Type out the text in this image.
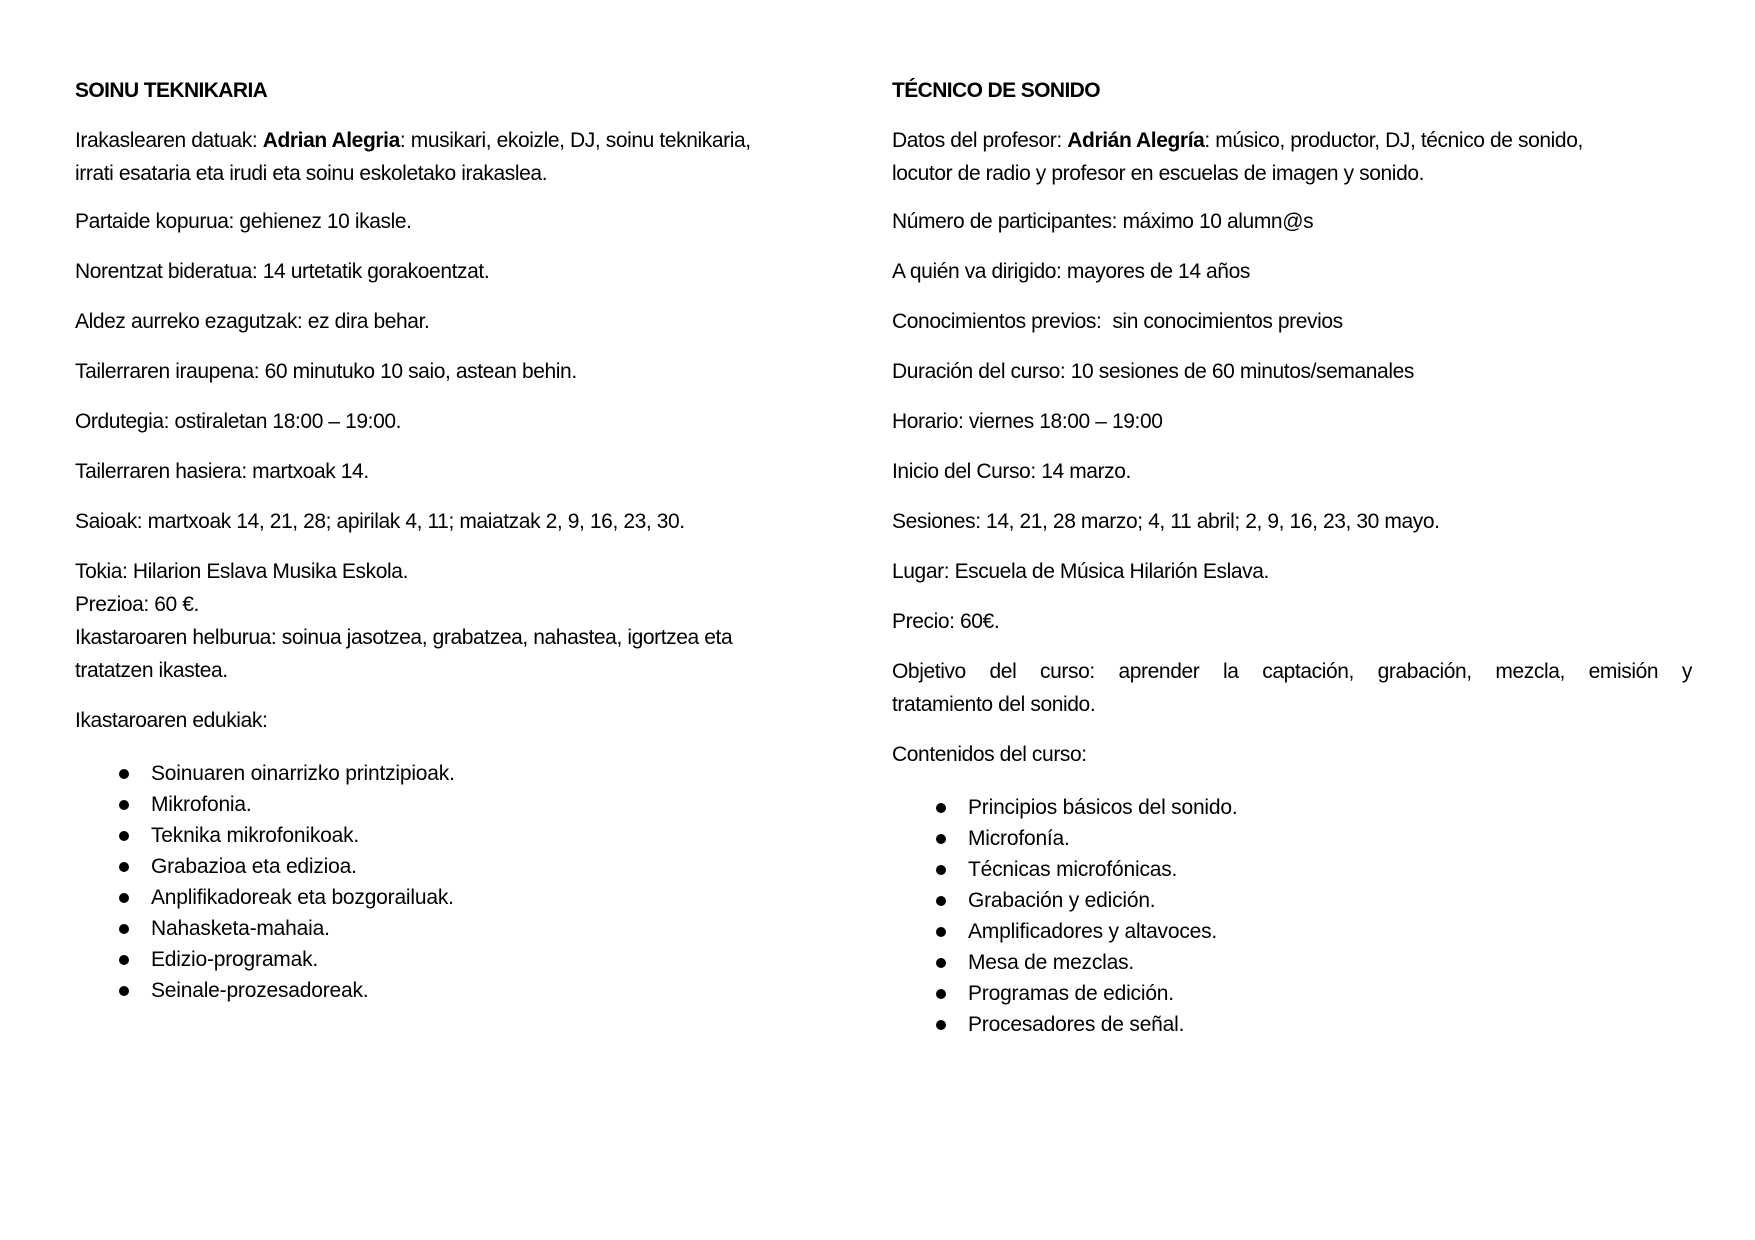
SOINU TEKNIKARIA
Irakaslearen datuak: Adrian Alegria: musikari, ekoizle, DJ, soinu teknikaria,
irrati esataria eta irudi eta soinu eskoletako irakaslea.
Partaide kopurua: gehienez 10 ikasle.
Norentzat bideratua: 14 urtetatik gorakoentzat.
Aldez aurreko ezagutzak: ez dira behar.
Tailerraren iraupena: 60 minutuko 10 saio, astean behin.
Ordutegia: ostiraletan 18:00 – 19:00.
Tailerraren hasiera: martxoak 14.
Saioak: martxoak 14, 21, 28; apirilak 4, 11; maiatzak 2, 9, 16, 23, 30.
Tokia: Hilarion Eslava Musika Eskola.
Prezioa: 60 €.
Ikastaroaren helburua: soinua jasotzea, grabatzea, nahastea, igortzea eta
tratatzen ikastea.
Ikastaroaren edukiak:
Soinuaren oinarrizko printzipioak.
Mikrofonia.
Teknika mikrofonikoak.
Grabazioa eta edizioa.
Anplifikadoreak eta bozgorailuak.
Nahasketa-mahaia.
Edizio-programak.
Seinale-prozesadoreak.
TÉCNICO DE SONIDO
Datos del profesor: Adrián Alegría: músico, productor, DJ, técnico de sonido,
locutor de radio y profesor en escuelas de imagen y sonido.
Número de participantes: máximo 10 alumn@s
A quién va dirigido: mayores de 14 años
Conocimientos previos:  sin conocimientos previos
Duración del curso: 10 sesiones de 60 minutos/semanales
Horario: viernes 18:00 – 19:00
Inicio del Curso: 14 marzo.
Sesiones: 14, 21, 28 marzo; 4, 11 abril; 2, 9, 16, 23, 30 mayo.
Lugar: Escuela de Música Hilarión Eslava.
Precio: 60€.
Objetivo del curso: aprender la captación, grabación, mezcla, emisión y
tratamiento del sonido.
Contenidos del curso:
Principios básicos del sonido.
Microfonía.
Técnicas microfónicas.
Grabación y edición.
Amplificadores y altavoces.
Mesa de mezclas.
Programas de edición.
Procesadores de señal.
